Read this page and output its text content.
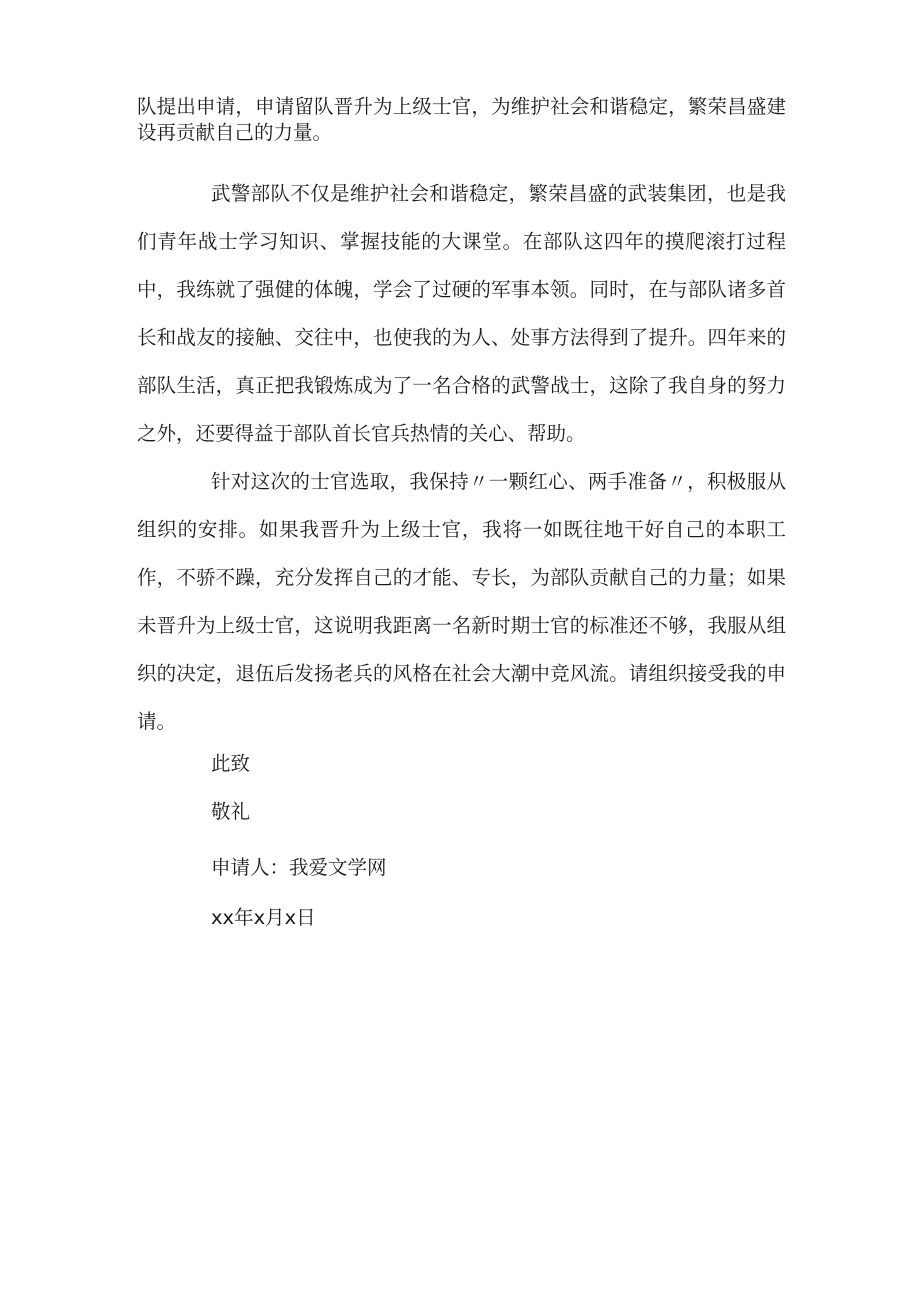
队提出申请，申请留队晋升为上级士官，为维护社会和谐稳定，繁荣昌盛建设再贡献自己的力量。

武警部队不仅是维护社会和谐稳定，繁荣昌盛的武装集团，也是我们青年战士学习知识、掌握技能的大课堂。在部队这四年的摸爬滚打过程中，我练就了强健的体魄，学会了过硬的军事本领。同时，在与部队诸多首长和战友的接触、交往中，也使我的为人、处事方法得到了提升。四年来的部队生活，真正把我锻炼成为了一名合格的武警战士，这除了我自身的努力之外，还要得益于部队首长官兵热情的关心、帮助。

针对这次的士官选取，我保持〃一颗红心、两手准备〃，积极服从组织的安排。如果我晋升为上级士官，我将一如既往地干好自己的本职工作，不骄不躁，充分发挥自己的才能、专长，为部队贡献自己的力量；如果未晋升为上级士官，这说明我距离一名新时期士官的标准还不够，我服从组织的决定，退伍后发扬老兵的风格在社会大潮中竞风流。请组织接受我的申请。

此致
敬礼
申请人：我爱文学网
xx年x月x日
